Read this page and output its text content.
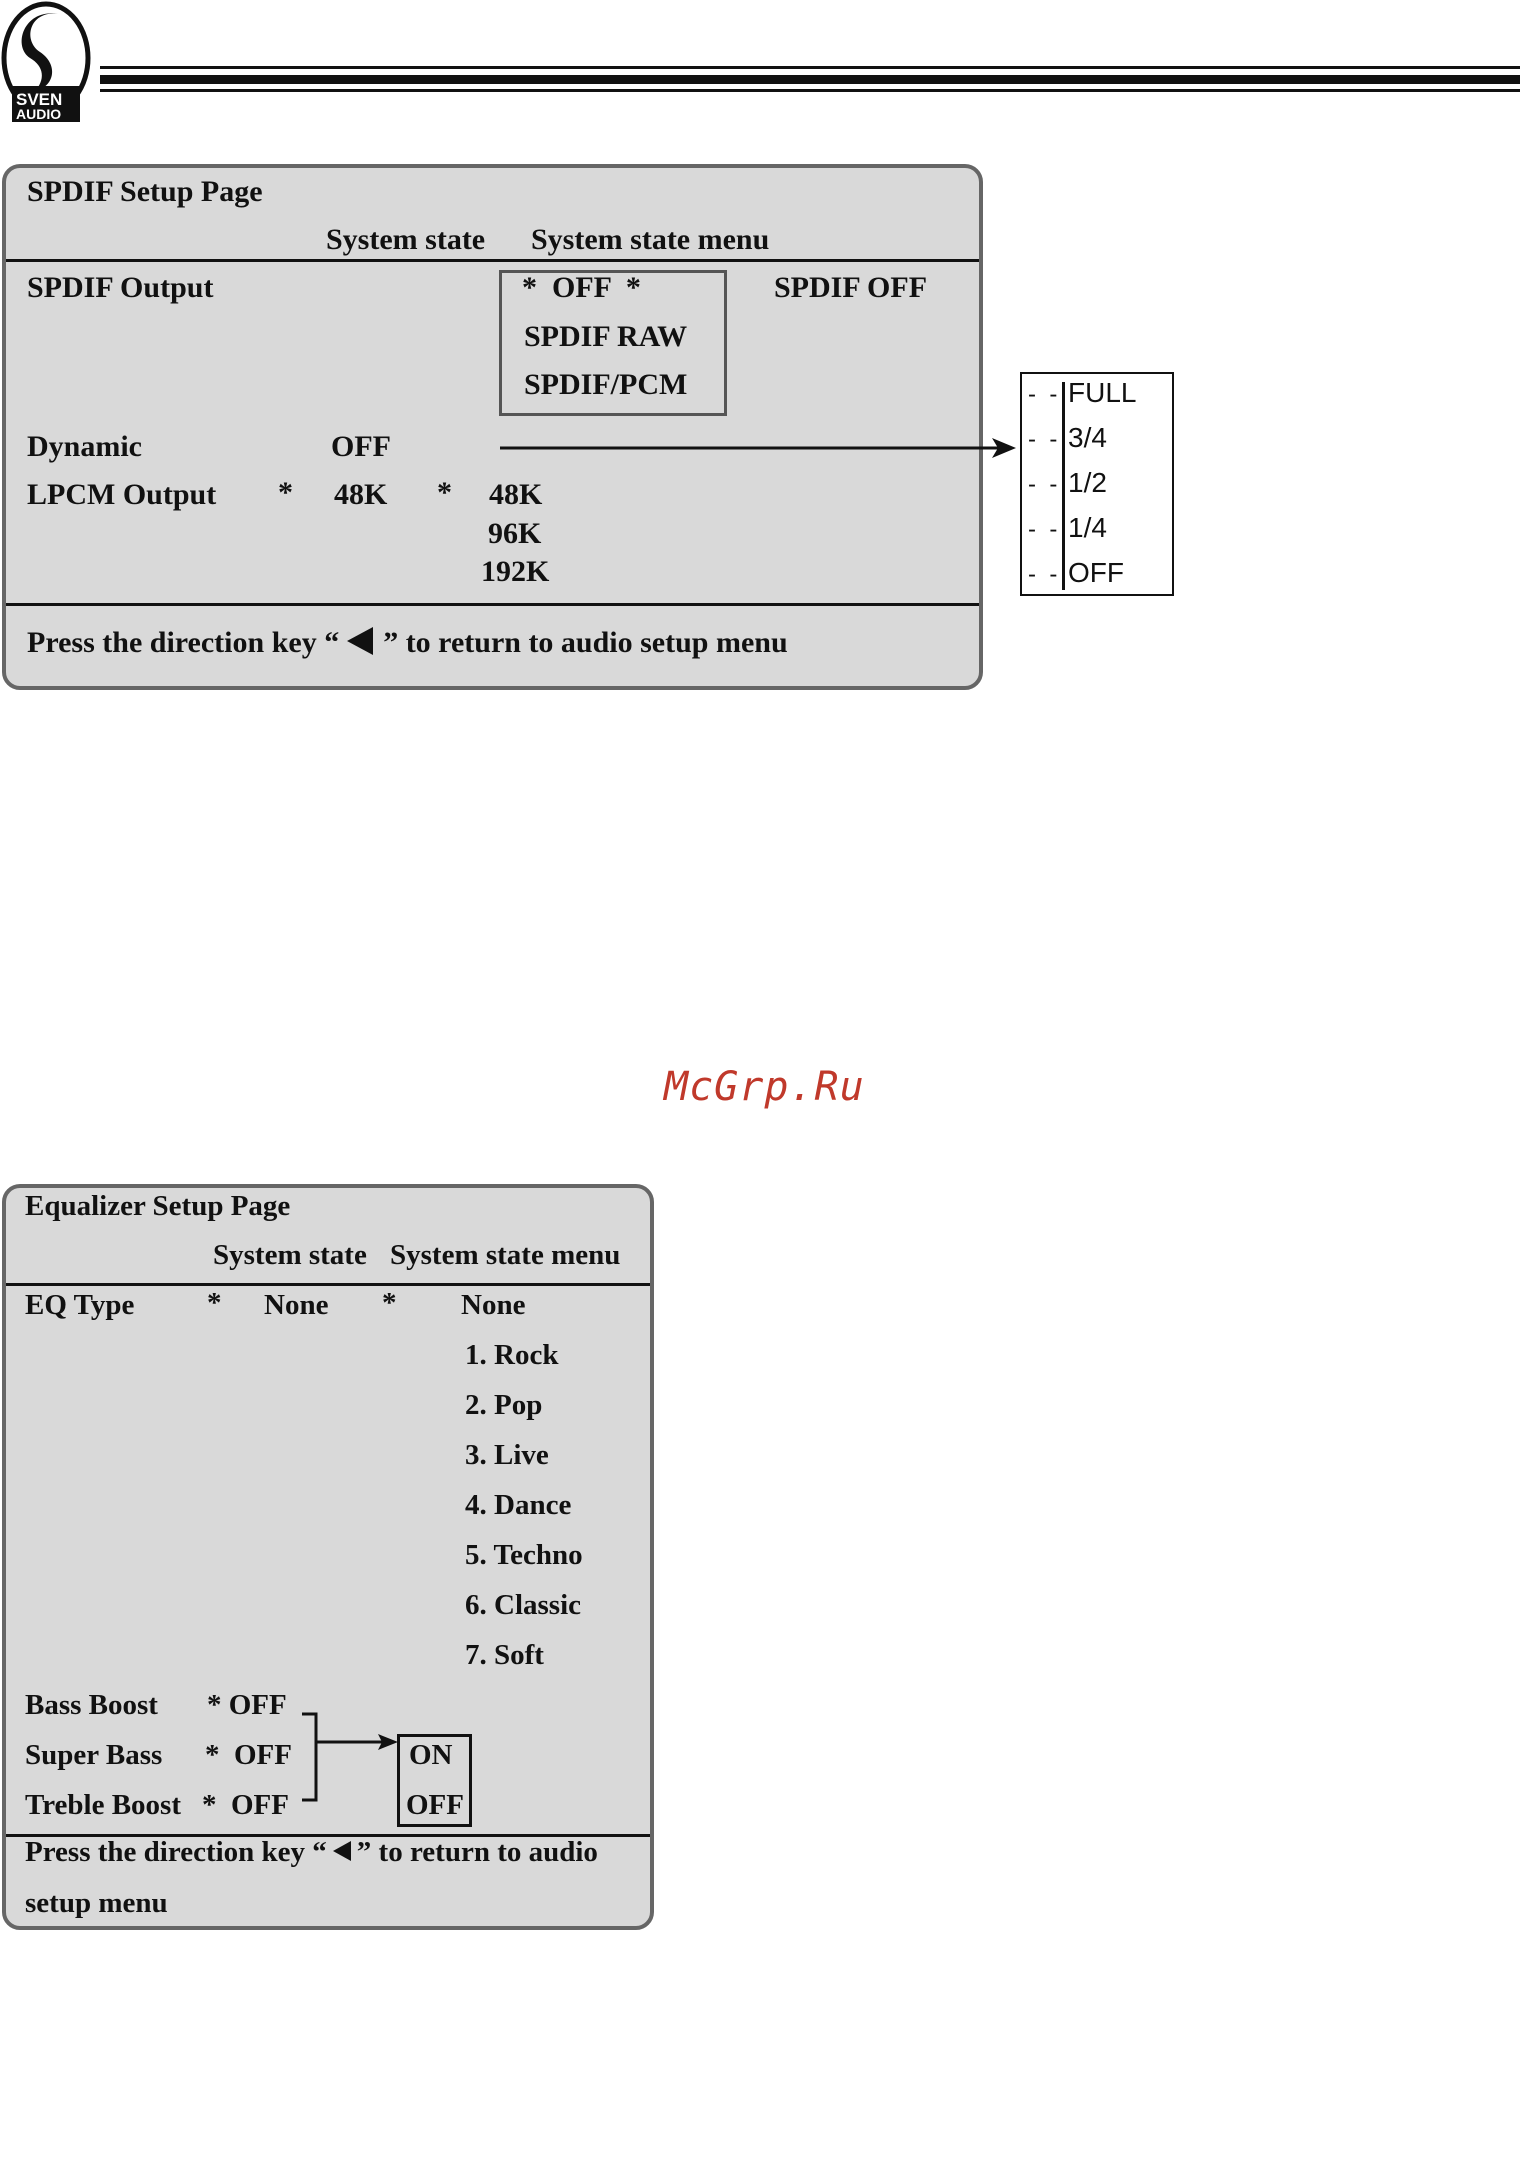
SVEN
AUDIO
SPDIF Setup Page
System state System state menu
SPDIF Output	*  OFF  *
SPDIF RAW
SPDIF/PCM
SPDIF OFF
Dynamic	OFF
LPCM Output * 48K * 48K
96K
192K
Press the direction key “ ” to return to audio setup menu
-  - FULL
-  - 3/4
-  - 1/2
-  - 1/4
-  - OFF
McGrp.Ru
Equalizer Setup Page
System state System state menu
EQ Type	* None * None
1. Rock
2. Pop
3. Live
4. Dance
5. Techno
6. Classic
7. Soft
Bass Boost * OFF
Super Bass *  OFF
Treble Boost *  OFF
ON
OFF
Press the direction key “ ” to return to audio
setup menu
